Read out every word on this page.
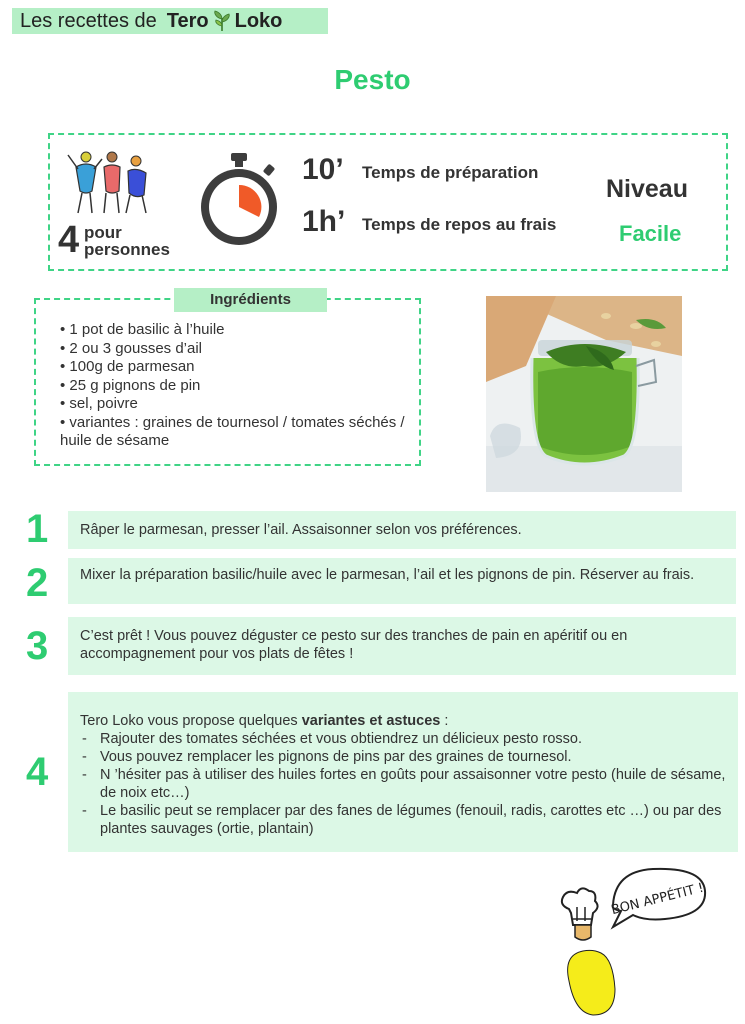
Les recettes de Tero Loko
Pesto
4 pour
personnes
10’ Temps de préparation
1h’ Temps de repos au frais
Niveau
Facile
Ingrédients
• 1 pot de basilic à l’huile
• 2 ou 3 gousses d’ail
• 100g de parmesan
• 25 g pignons de pin
• sel, poivre
• variantes : graines de tournesol / tomates séchés / huile de sésame
1	Râper le parmesan, presser l’ail. Assaisonner selon vos préférences.
2	Mixer la préparation basilic/huile avec le parmesan, l’ail et les pignons de pin. Réserver au frais.
3	C’est prêt ! Vous pouvez déguster ce pesto sur des tranches de pain en apéritif ou en accompagnement pour vos plats de fêtes !
4
Tero Loko vous propose quelques variantes et astuces :
- Rajouter des tomates séchées et vous obtiendrez un délicieux pesto rosso.
- Vous pouvez remplacer les pignons de pins par des graines de tournesol.
- N ’hésiter pas à utiliser des huiles fortes en goûts pour assaisonner votre pesto (huile de sésame, de noix etc…)
- Le basilic peut se remplacer par des fanes de légumes (fenouil, radis, carottes etc …) ou par des plantes sauvages (ortie, plantain)
BON APPÉTIT !
